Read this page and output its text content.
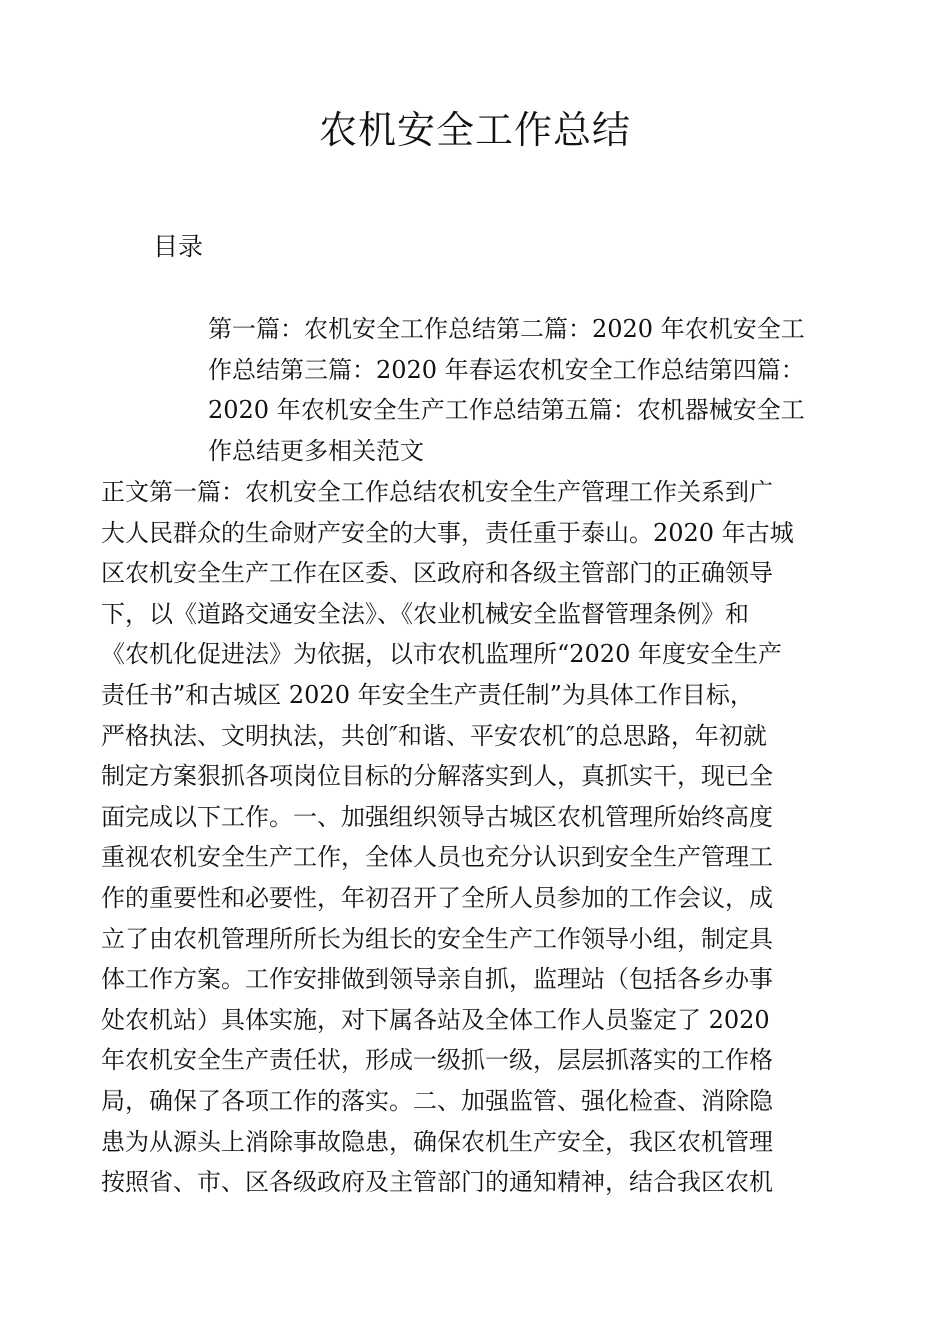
农机安全工作总结

目录

第一篇：农机安全工作总结第二篇：2020 年农机安全工
作总结第三篇：2020 年春运农机安全工作总结第四篇：
2020 年农机安全生产工作总结第五篇：农机器械安全工
作总结更多相关范文

正文第一篇：农机安全工作总结农机安全生产管理工作关系到广
大人民群众的生命财产安全的大事，责任重于泰山。2020 年古城
区农机安全生产工作在区委、区政府和各级主管部门的正确领导
下，以《道路交通安全法》、《农业机械安全监督管理条例》和
《农机化促进法》为依据，以市农机监理所“2020 年度安全生产
责任书”和古城区 2020 年安全生产责任制”为具体工作目标，
严格执法、文明执法，共创″和谐、平安农机″的总思路，年初就
制定方案狠抓各项岗位目标的分解落实到人，真抓实干，现已全
面完成以下工作。一、加强组织领导古城区农机管理所始终高度
重视农机安全生产工作，全体人员也充分认识到安全生产管理工
作的重要性和必要性，年初召开了全所人员参加的工作会议，成
立了由农机管理所所长为组长的安全生产工作领导小组，制定具
体工作方案。工作安排做到领导亲自抓，监理站（包括各乡办事
处农机站）具体实施，对下属各站及全体工作人员鉴定了 2020
年农机安全生产责任状，形成一级抓一级，层层抓落实的工作格
局，确保了各项工作的落实。二、加强监管、强化检查、消除隐
患为从源头上消除事故隐患，确保农机生产安全，我区农机管理
按照省、市、区各级政府及主管部门的通知精神，结合我区农机
